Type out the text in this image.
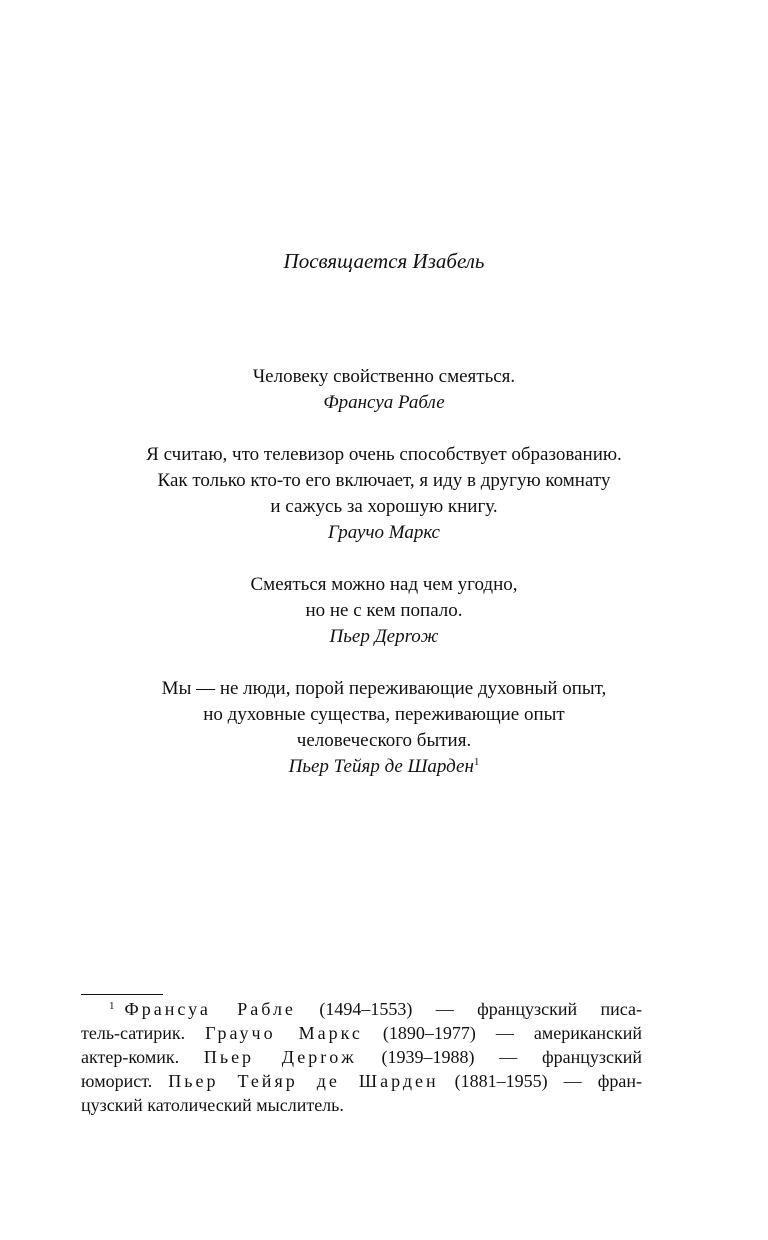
Посвящается Изабель
Человеку свойственно смеяться.
Франсуа Рабле
Я считаю, что телевизор очень способствует образованию.
Как только кто-то его включает, я иду в другую комнату
и сажусь за хорошую книгу.
Граучо Маркс
Смеяться можно над чем угодно,
но не с кем попало.
Пьер Деproж
Мы — не люди, порой переживающие духовный опыт,
но духовные существа, переживающие опыт
человеческого бытия.
Пьер Тейяр де Шарден$^1$
$^1$ Франсуа Рабле (1494–1553) — французский писа-
тель-сатирик. Граучо Маркс (1890–1977) — американский
актер-комик. Пьер Деproж (1939–1988) — французский
юморист. Пьер Тейяр де Шарден (1881–1955) — фран-
цузский католический мыслитель.
